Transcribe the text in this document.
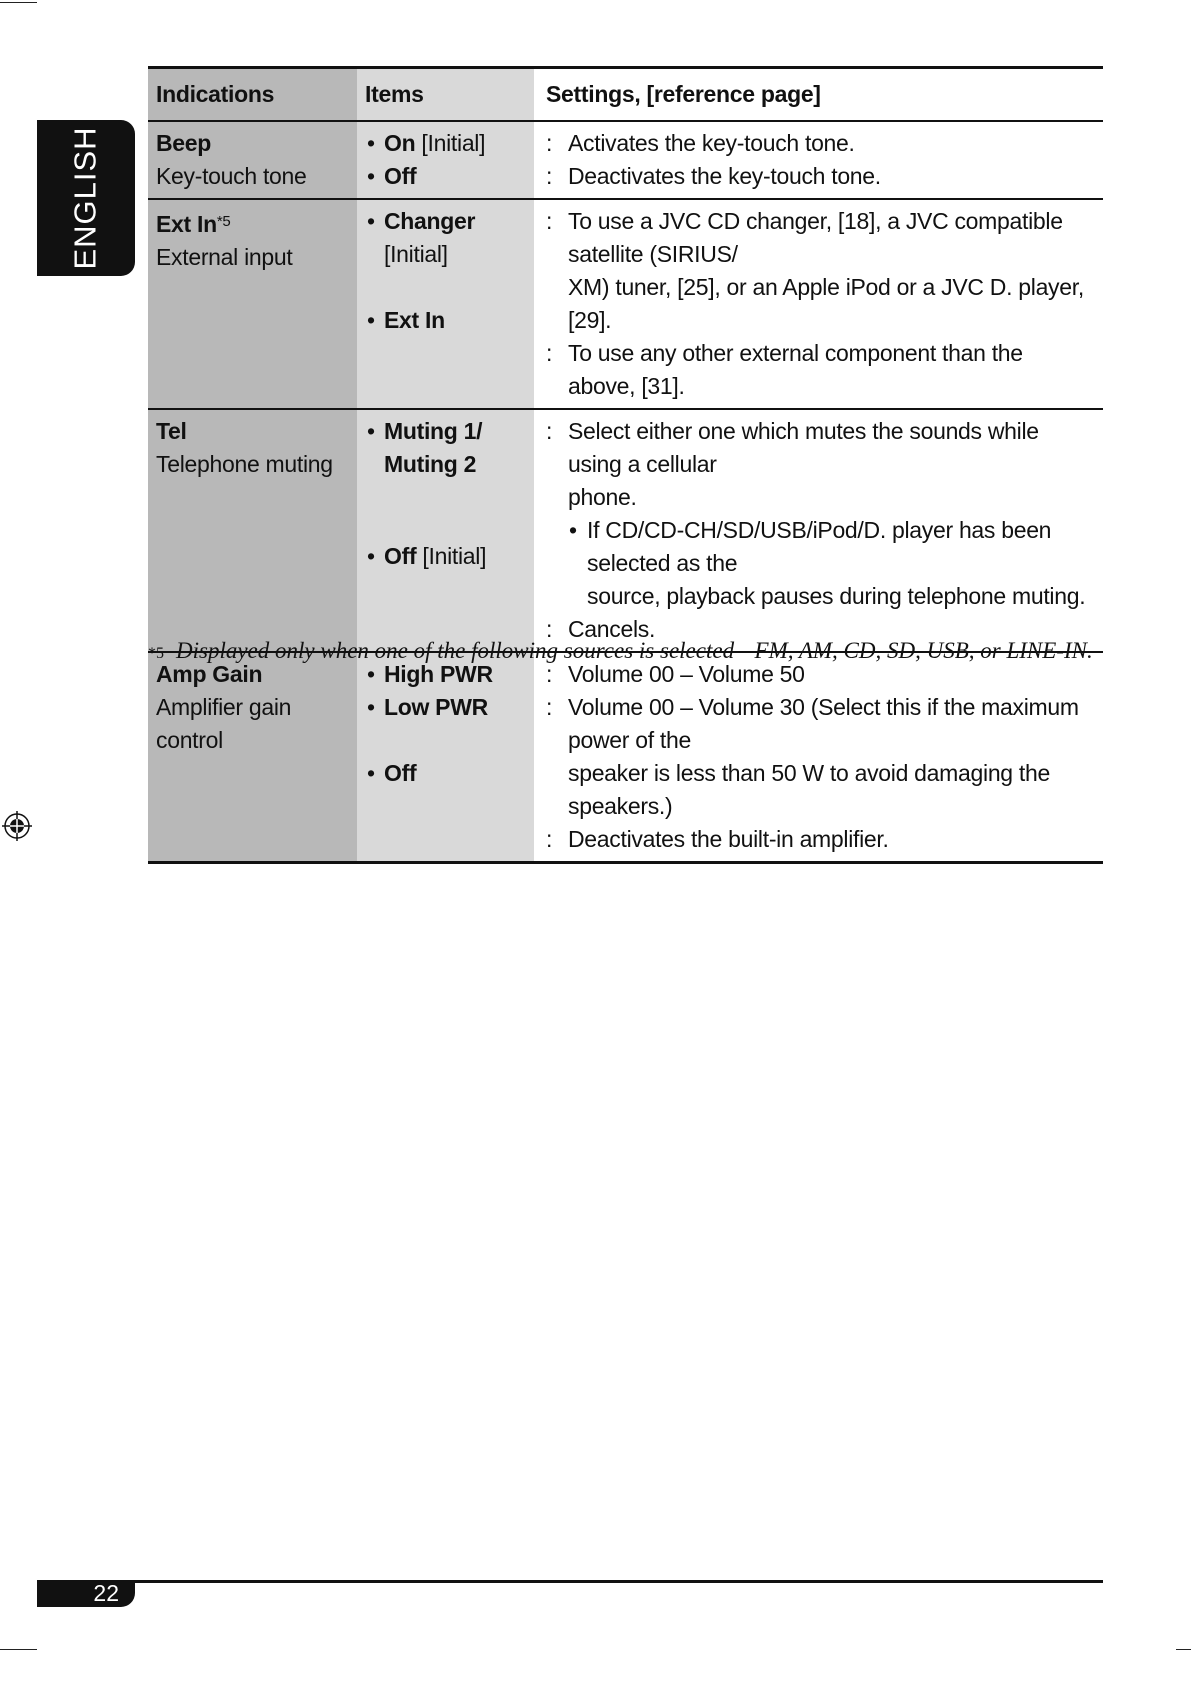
ENGLISH
Indications	Items	Settings, [reference page]
Beep
Key-touch tone
• On [Initial]
• Off
: Activates the key-touch tone.
: Deactivates the key-touch tone.
Ext In$^{*5}$
External input
• Changer [Initial]
• Ext In
: To use a JVC CD changer, [18], a JVC compatible satellite (SIRIUS/
XM) tuner, [25], or an Apple iPod or a JVC D. player, [29].
: To use any other external component than the above, [31].
Tel
Telephone muting
• Muting 1/
Muting 2
• Off [Initial]
: Select either one which mutes the sounds while using a cellular
phone.
• If CD/CD-CH/SD/USB/iPod/D. player has been selected as the
source, playback pauses during telephone muting.
: Cancels.
Amp Gain
Amplifier gain control
• High PWR
• Low PWR
• Off
: Volume 00 – Volume 50
: Volume 00 – Volume 30 (Select this if the maximum power of the
speaker is less than 50 W to avoid damaging the speakers.)
: Deactivates the built-in amplifier.
*5 Displayed only when one of the following sources is selected—FM, AM, CD, SD, USB, or LINE-IN.
22
